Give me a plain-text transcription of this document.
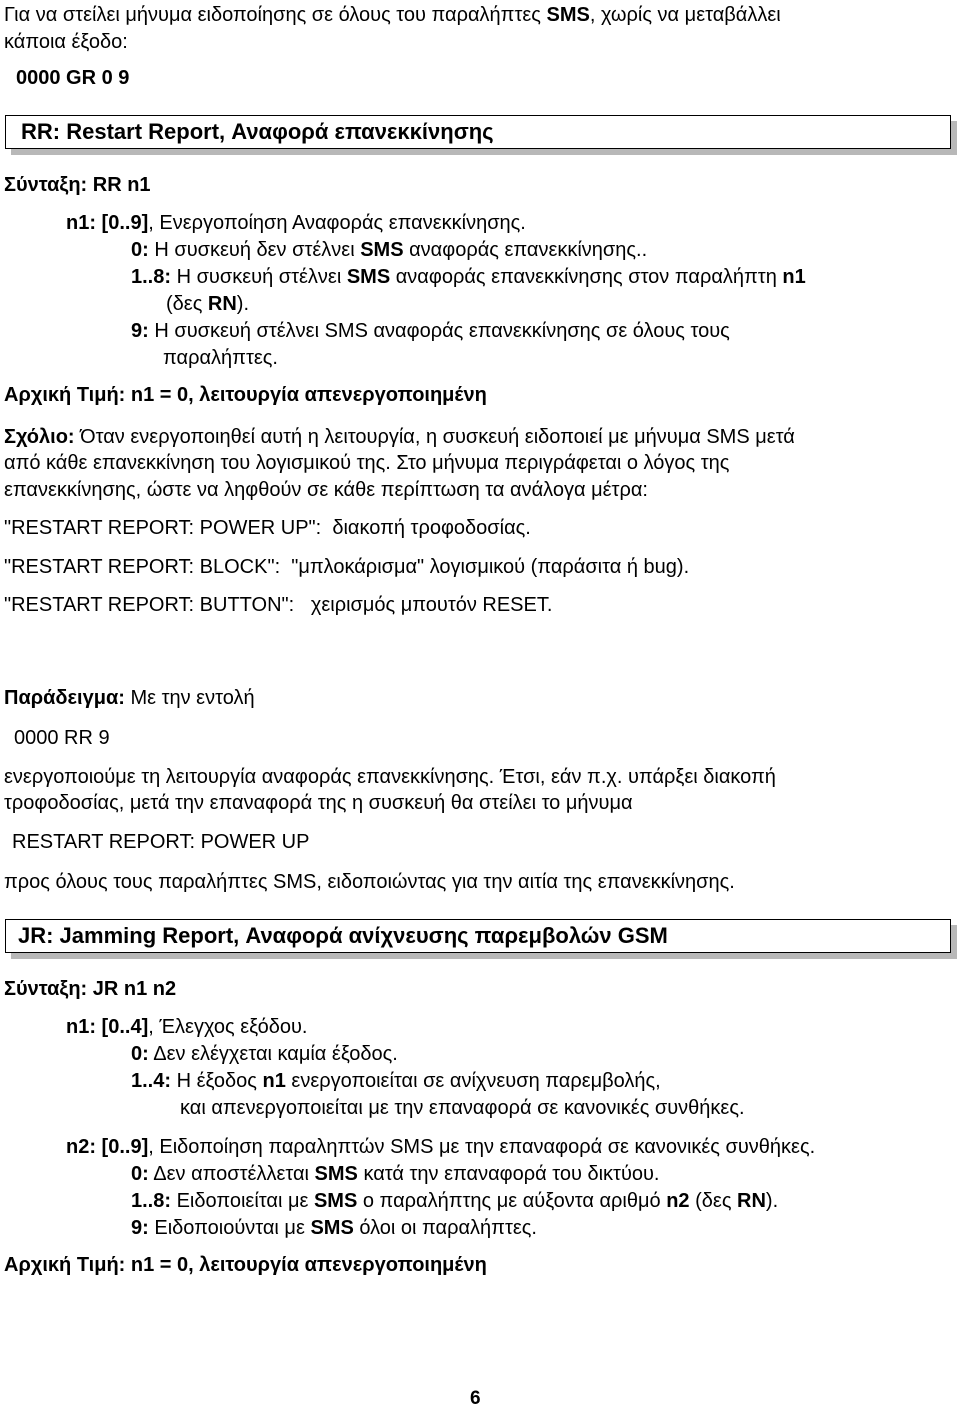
Για να στείλει μήνυμα ειδοποίησης σε όλους του παραλήπτες SMS, χωρίς να μεταβάλλει
κάποια έξοδο:
0000 GR 0 9
RR: Restart Report, Αναφορά επανεκκίνησης
Σύνταξη: RR n1
n1: [0..9], Ενεργοποίηση Αναφοράς επανεκκίνησης.
0: Η συσκευή δεν στέλνει SMS αναφοράς επανεκκίνησης..
1..8: Η συσκευή στέλνει SMS αναφοράς επανεκκίνησης στον παραλήπτη n1
(δες RN).
9: Η συσκευή στέλνει SMS αναφοράς επανεκκίνησης σε όλους τους
παραλήπτες.
Αρχική Τιμή: n1 = 0, λειτουργία απενεργοποιημένη
Σχόλιο: Όταν ενεργοποιηθεί αυτή η λειτουργία, η συσκευή ειδοποιεί με μήνυμα SMS μετά
από κάθε επανεκκίνηση του λογισμικού της. Στο μήνυμα περιγράφεται ο λόγος της
επανεκκίνησης, ώστε να ληφθούν σε κάθε περίπτωση τα ανάλογα μέτρα:
"RESTART REPORT: POWER UP": διακοπή τροφοδοσίας.
"RESTART REPORT: BLOCK": "μπλοκάρισμα" λογισμικού (παράσιτα ή bug).
"RESTART REPORT: BUTTON": χειρισμός μπουτόν RESET.
Παράδειγμα: Με την εντολή
0000 RR 9
ενεργοποιούμε τη λειτουργία αναφοράς επανεκκίνησης. Έτσι, εάν π.χ. υπάρξει διακοπή
τροφοδοσίας, μετά την επαναφορά της η συσκευή θα στείλει το μήνυμα
RESTART REPORT: POWER UP
προς όλους τους παραλήπτες SMS, ειδοποιώντας για την αιτία της επανεκκίνησης.
JR: Jamming Report, Αναφορά ανίχνευσης παρεμβολών GSM
Σύνταξη: JR n1 n2
n1: [0..4], Έλεγχος εξόδου.
0: Δεν ελέγχεται καμία έξοδος.
1..4: Η έξοδος n1 ενεργοποιείται σε ανίχνευση παρεμβολής,
και απενεργοποιείται με την επαναφορά σε κανονικές συνθήκες.
n2: [0..9], Ειδοποίηση παραληπτών SMS με την επαναφορά σε κανονικές συνθήκες.
0: Δεν αποστέλλεται SMS κατά την επαναφορά του δικτύου.
1..8: Ειδοποιείται με SMS ο παραλήπτης με αύξοντα αριθμό n2 (δες RN).
9: Ειδοποιούνται με SMS όλοι οι παραλήπτες.
Αρχική Τιμή: n1 = 0, λειτουργία απενεργοποιημένη
6
